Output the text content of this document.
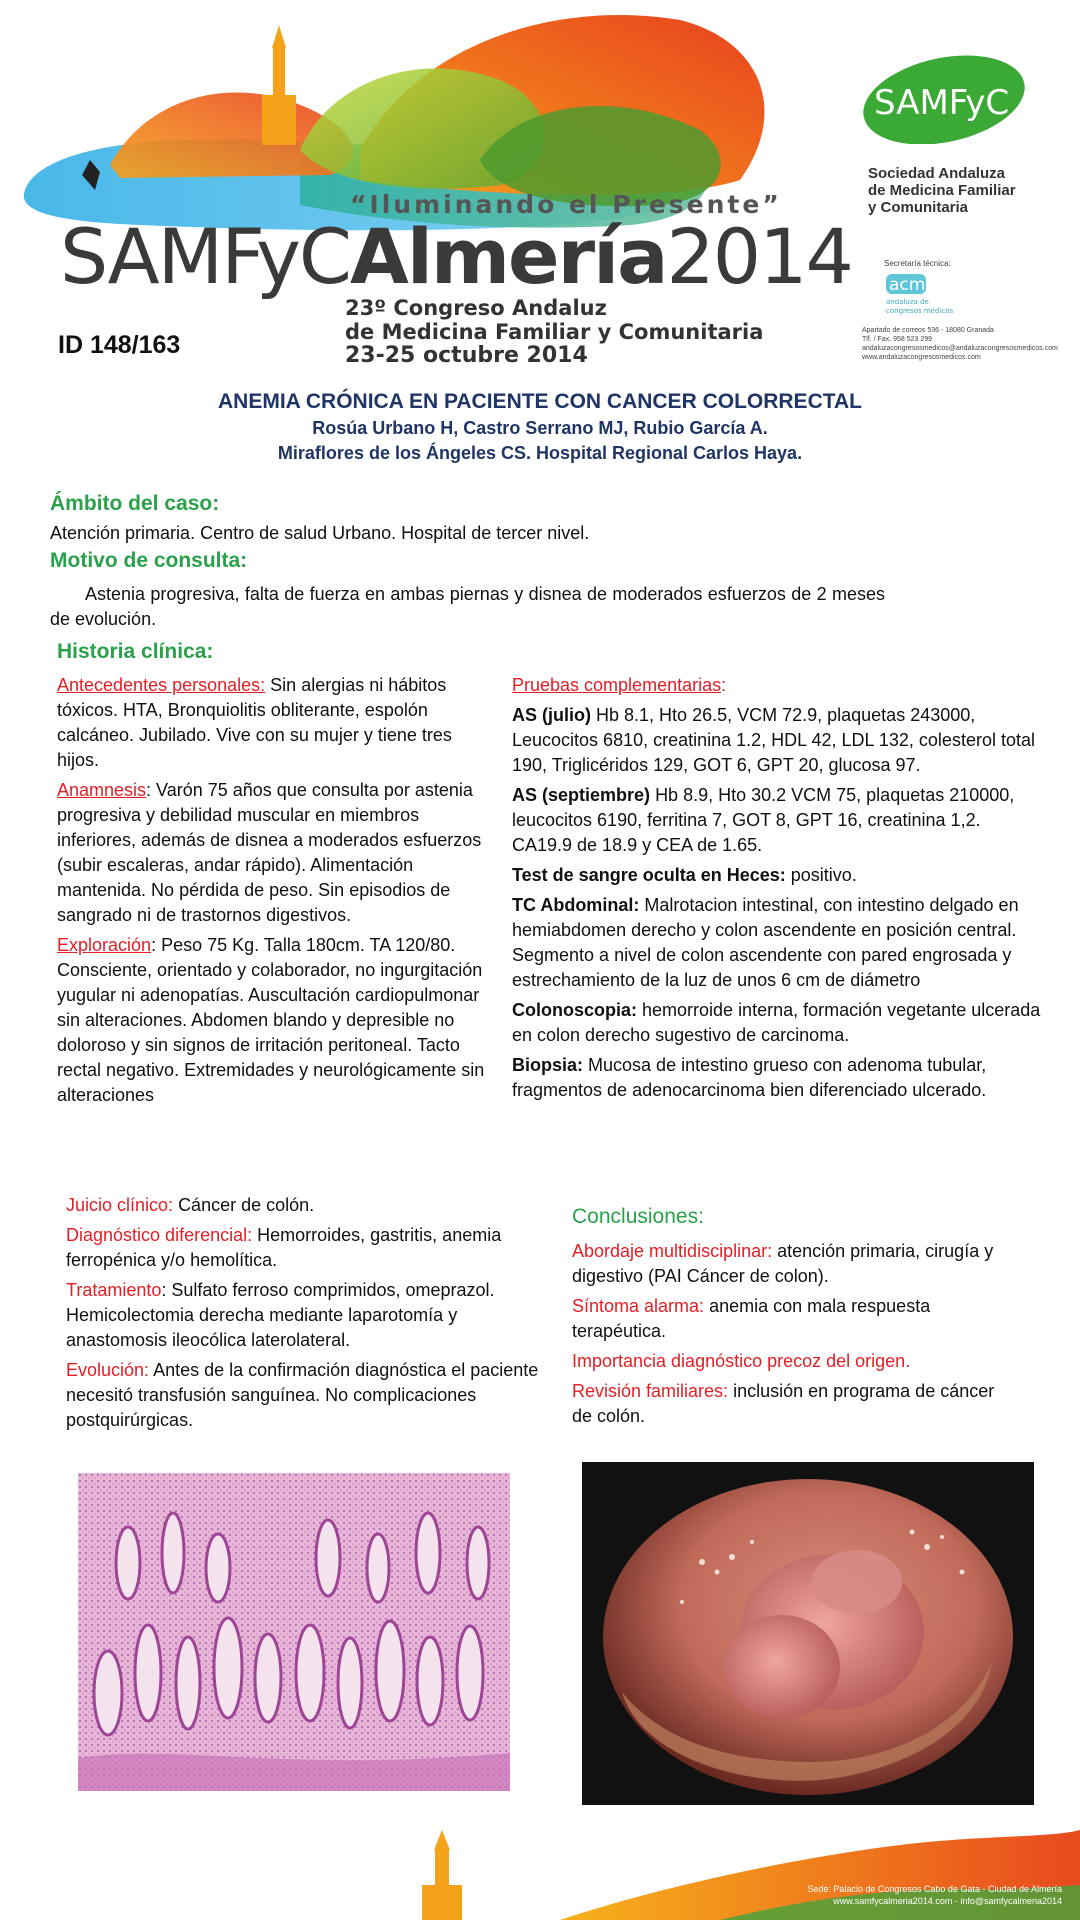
“Iluminando el Presente”
SAMFyCAlmería2014
23º Congreso Andaluz
de Medicina Familiar y Comunitaria
23-25 octubre 2014
ID 148/163
SAMFyC
Sociedad Andaluza
de Medicina Familiar
y Comunitaria
Secretaría técnica:
acm
andaluza de
congresos médicos
Apartado de correos 536 - 18080 Granada
Tlf. / Fax. 958 523 299
andaluzacongresosmedicos@andaluzacongresosmedicos.com
www.andaluzacongresosmedicos.com
ANEMIA CRÓNICA EN PACIENTE CON CANCER COLORRECTAL
Rosúa Urbano H, Castro Serrano MJ, Rubio García A.
Miraflores de los Ángeles CS. Hospital Regional Carlos Haya.
Ámbito del caso:
Atención primaria. Centro de salud Urbano. Hospital de tercer nivel.
Motivo de consulta:
Astenia progresiva, falta de fuerza en ambas piernas y disnea de moderados esfuerzos de 2 meses de evolución.
Historia clínica:

Antecedentes personales: Sin alergias ni hábitos tóxicos. HTA, Bronquiolitis obliterante, espolón calcáneo. Jubilado. Vive con su mujer y tiene tres hijos.

Anamnesis: Varón 75 años que consulta por astenia progresiva y debilidad muscular en miembros inferiores, además de disnea a moderados esfuerzos (subir escaleras, andar rápido). Alimentación mantenida. No pérdida de peso. Sin episodios de sangrado ni de trastornos digestivos.

Exploración: Peso 75 Kg. Talla 180cm. TA 120/80. Consciente, orientado y colaborador, no ingurgitación yugular ni adenopatías. Auscultación cardiopulmonar sin alteraciones. Abdomen blando y depresible no doloroso y sin signos de irritación peritoneal. Tacto rectal negativo. Extremidades y neurológicamente sin alteraciones

Pruebas complementarias:

AS (julio) Hb 8.1, Hto 26.5, VCM 72.9, plaquetas 243000, Leucocitos 6810, creatinina 1.2, HDL 42, LDL 132, colesterol total 190, Triglicéridos 129, GOT 6, GPT 20, glucosa 97.

AS (septiembre) Hb 8.9, Hto 30.2 VCM 75, plaquetas 210000, leucocitos 6190, ferritina 7, GOT 8, GPT 16, creatinina 1,2. CA19.9 de 18.9 y CEA de 1.65.

Test de sangre oculta en Heces: positivo.

TC Abdominal: Malrotacion intestinal, con intestino delgado en hemiabdomen derecho y colon ascendente en posición central. Segmento a nivel de colon ascendente con pared engrosada y estrechamiento de la luz de unos 6 cm de diámetro

Colonoscopia: hemorroide interna, formación vegetante ulcerada en colon derecho sugestivo de carcinoma.

Biopsia: Mucosa de intestino grueso con adenoma tubular, fragmentos de adenocarcinoma bien diferenciado ulcerado.

Juicio clínico: Cáncer de colón.

Diagnóstico diferencial: Hemorroides, gastritis, anemia ferropénica y/o hemolítica.

Tratamiento: Sulfato ferroso comprimidos, omeprazol. Hemicolectomia derecha mediante laparotomía y anastomosis ileocólica laterolateral.

Evolución: Antes de la confirmación diagnóstica el paciente necesitó transfusión sanguínea. No complicaciones postquirúrgicas.

Conclusiones:

Abordaje multidisciplinar: atención primaria, cirugía y digestivo (PAI Cáncer de colon).

Síntoma alarma: anemia con mala respuesta terapéutica.

Importancia diagnóstico precoz del origen.

Revisión familiares: inclusión en programa de cáncer de colón.

Sede: Palacio de Congresos Cabo de Gata - Ciudad de Almería
www.samfycalmeria2014.com - info@samfycalmeria2014
